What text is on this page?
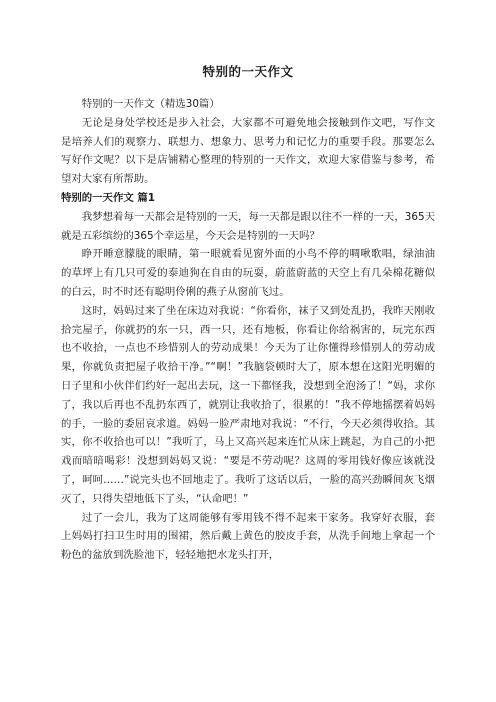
特别的一天作文

特别的一天作文（精选30篇）

无论是身处学校还是步入社会，大家都不可避免地会接触到作文吧，写作文是培养人们的观察力、联想力、想象力、思考力和记忆力的重要手段。那要怎么写好作文呢？以下是店铺精心整理的特别的一天作文，欢迎大家借鉴与参考，希望对大家有所帮助。

特别的一天作文 篇1

我梦想着每一天都会是特别的一天，每一天都是跟以往不一样的一天，365天就是五彩缤纷的365个幸运星，今天会是特别的一天吗？

睁开睡意朦胧的眼睛，第一眼就看见窗外面的小鸟不停的啁啾歌唱，绿油油的草坪上有几只可爱的泰迪狗在自由的玩耍，蔚蓝蔚蓝的天空上有几朵棉花糖似的白云，时不时还有聪明伶俐的燕子从窗前飞过。

这时，妈妈过来了坐在床边对我说：“你看你，袜子又到处乱扔，我昨天刚收拾完屋子，你就扔的东一只，西一只，还有地板，你看让你给祸害的，玩完东西也不收拾，一点也不珍惜别人的劳动成果！今天为了让你懂得珍惜别人的劳动成果，你就负责把屋子收拾干净。”“啊！”我脑袋顿时大了，原本想在这阳光明媚的日子里和小伙伴们约好一起出去玩，这一下都怪我，没想到全泡汤了！“妈，求你了，我以后再也不乱扔东西了，就别让我收拾了，很累的！”我不停地摇摆着妈妈的手，一脸的委屈哀求道。妈妈一脸严肃地对我说：“不行，今天必须得收拾。其实，你不收拾也可以！”我听了，马上又高兴起来连忙从床上跳起，为自己的小把戏而暗暗喝彩！没想到妈妈又说：“要是不劳动呢？这周的零用钱好像应该就没了，呵呵……”说完头也不回地走了。我听了这话以后，一脸的高兴劲瞬间灰飞烟灭了，只得失望地低下了头，“认命吧！”

过了一会儿，我为了这周能够有零用钱不得不起来干家务。我穿好衣服，套上妈妈打扫卫生时用的围裙，然后戴上黄色的胶皮手套，从洗手间地上拿起一个粉色的盆放到洗脸池下，轻轻地把水龙头打开，
